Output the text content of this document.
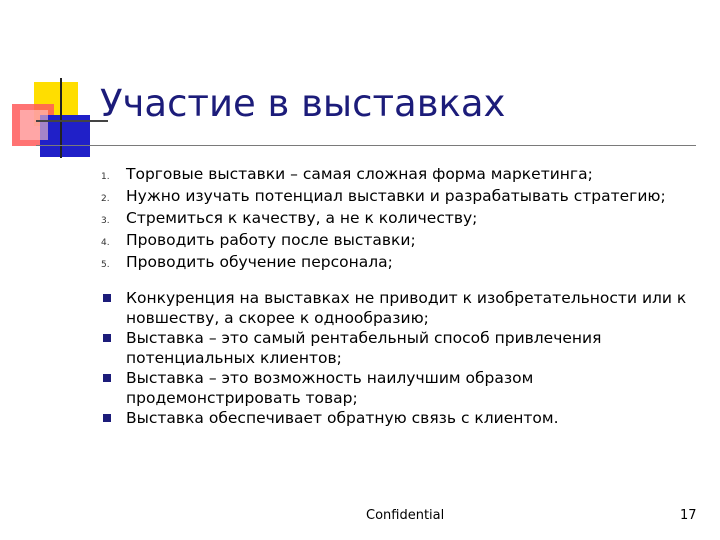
Участие в выставках
1. Торговые выставки – самая сложная форма маркетинга;
2. Нужно изучать потенциал выставки и разрабатывать стратегию;
3. Стремиться к качеству, а не к количеству;
4. Проводить работу после выставки;
5. Проводить обучение персонала;
Конкуренция на выставках не приводит к изобретательности или к
новшеству, а скорее к однообразию;
Выставка – это самый рентабельный способ привлечения
потенциальных клиентов;
Выставка – это возможность наилучшим образом
продемонстрировать товар;
Выставка обеспечивает обратную связь с клиентом.
Confidential	17
